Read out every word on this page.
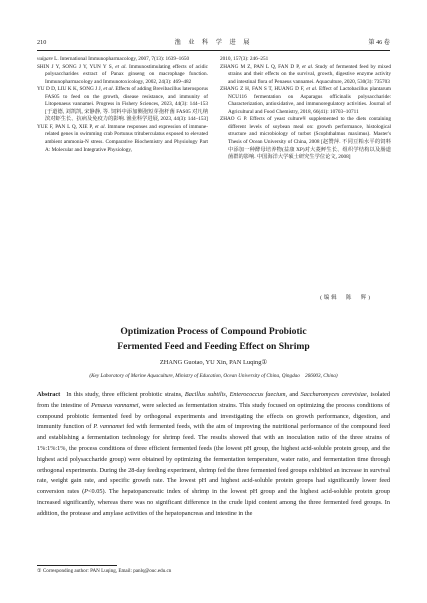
210	渔 业 科 学 进 展	第 46 卷

vulgare L. International Immunopharmacology, 2007, 7(13): 1639–1650

SHIN J Y, SONG J Y, YUN Y S, et al. Immunostimulating effects of acidic polysaccharides extract of Panax ginseng on macrophage function. Immunopharmacology and Immunotoxicology, 2002, 24(3): 469–482

YU D D, LIU K K, SONG J J, et al. Effects of adding Brevibacillus laterosporus FAS05 to feed on the growth, disease resistance, and immunity of Litopenaeus vannamei. Progress in Fishery Sciences, 2023, 44(3): 144–153 [于道德, 刘凯凯, 宋静静, 等. 饲料中添加侧孢短芽孢杆菌 FAS05 对凡纳滨对虾生长、抗病及免疫力的影响. 渔业科学进展, 2023, 44(3): 144–153]

YUE F, PAN L Q, XIE P, et al. Immune responses and expression of immune-related genes in swimming crab Portunus trituberculatus exposed to elevated ambient ammonia-N stress. Comparative Biochemistry and Physiology Part A: Molecular and Integrative Physiology,

2010, 157(3): 246–251

ZHANG M Z, PAN L Q, FAN D P, et al. Study of fermented feed by mixed strains and their effects on the survival, growth, digestive enzyme activity and intestinal flora of Penaeus vannamei. Aquaculture, 2020, 530(3): 735703

ZHANG Z H, FAN S T, HUANG D F, et al. Effect of Lactobacillus plantarum NCU116 fermentation on Asparagus officinalis polysaccharide: Characterization, antioxidative, and immunoregulatory activities. Journal of Agricultural and Food Chemistry, 2018, 66(41): 10703–10711

ZHAO G P. Effects of yeast culture® supplemented to the diets containing different levels of soybean meal on: growth performance, histological structure and microbiology of turbot (Scophthalmus maximus). Master's Thesis of Ocean University of China, 2008 [赵赞萍. 不同豆粕水平的饲料中添加一种酵母培养物(益康 XP)对大菱鲆生长、组织学结构以及肠道菌群的影响. 中国海洋大学硕士研究生学位论文, 2008]

(编辑　陈　辉)
Optimization Process of Compound Probiotic
Fermented Feed and Feeding Effect on Shrimp
ZHANG Guotao, YU Xin, PAN Luqing①
(Key Laboratory of Marine Aquaculture, Ministry of Education, Ocean University of China, Qingdao　266003, China)
Abstract In this study, three efficient probiotic strains, Bacillus subtilis, Enterococcus faecium, and Saccharomyces cerevisiae, isolated from the intestine of Penaeus vannamei, were selected as fermentation strains. This study focused on optimizing the process conditions of compound probiotic fermented feed by orthogonal experiments and investigating the effects on growth performance, digestion, and immunity function of P. vannamei fed with fermented feeds, with the aim of improving the nutritional performance of the compound feed and establishing a fermentation technology for shrimp feed. The results showed that with an inoculation ratio of the three strains of 1%:1%:1%, the process conditions of three efficient fermented feeds (the lowest pH group, the highest acid-soluble protein group, and the highest acid polysaccharide group) were obtained by optimizing the fermentation temperature, water ratio, and fermentation time through orthogonal experiments. During the 28-day feeding experiment, shrimp fed the three fermented feed groups exhibited an increase in survival rate, weight gain rate, and specific growth rate. The lowest pH and highest acid-soluble protein groups had significantly lower feed conversion rates (P<0.05). The hepatopancreatic index of shrimp in the lowest pH group and the highest acid-soluble protein group increased significantly, whereas there was no significant difference in the crude lipid content among the three fermented feed groups. In addition, the protease and amylase activities of the hepatopancreas and intestine in the
① Corresponding author: PAN Luqing, Email: panlq@ouc.edu.cn
